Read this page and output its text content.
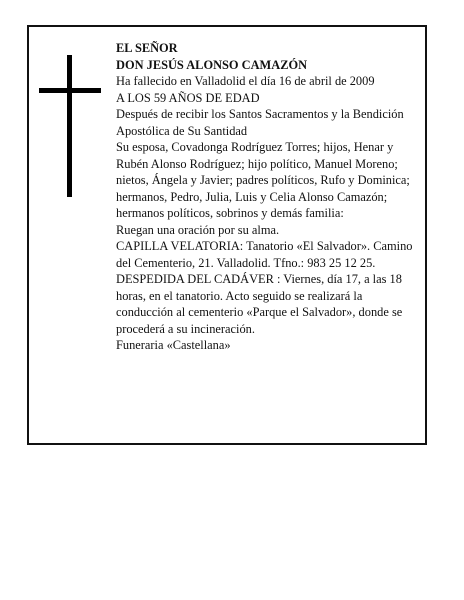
EL SEÑOR

DON JESÚS ALONSO CAMAZÓN

Ha fallecido en Valladolid el día 16 de abril de 2009

A LOS 59 AÑOS DE EDAD

Después de recibir los Santos Sacramentos y la Bendición Apostólica de Su Santidad

Su esposa, Covadonga Rodríguez Torres; hijos, Henar y Rubén Alonso Rodríguez; hijo político, Manuel Moreno; nietos, Ángela y Javier; padres políticos, Rufo y Dominica; hermanos, Pedro, Julia, Luis y Celia Alonso Camazón; hermanos políticos, sobrinos y demás familia:

Ruegan una oración por su alma.

CAPILLA VELATORIA: Tanatorio «El Salvador». Camino del Cementerio, 21. Valladolid. Tfno.: 983 25 12 25.

DESPEDIDA DEL CADÁVER : Viernes, día 17, a las 18 horas, en el tanatorio. Acto seguido se realizará la conducción al cementerio «Parque el Salvador», donde se procederá a su incineración.

Funeraria «Castellana»
